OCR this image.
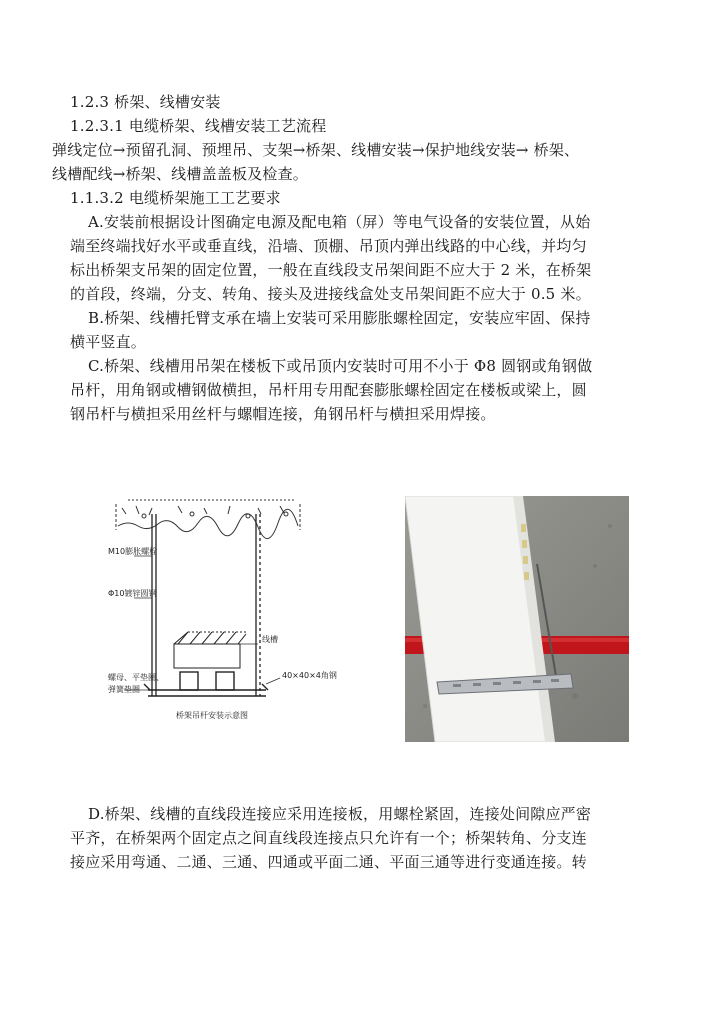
1.2.3 桥架、线槽安装
1.2.3.1 电缆桥架、线槽安装工艺流程
弹线定位→预留孔洞、预埋吊、支架→桥架、线槽安装→保护地线安装→ 桥架、
线槽配线→桥架、线槽盖盖板及检查。
1.1.3.2 电缆桥架施工工艺要求
A.安装前根据设计图确定电源及配电箱（屏）等电气设备的安装位置，从始
端至终端找好水平或垂直线，沿墙、顶棚、吊顶内弹出线路的中心线，并均匀
标出桥架支吊架的固定位置，一般在直线段支吊架间距不应大于 2 米，在桥架
的首段，终端，分支、转角、接头及进接线盒处支吊架间距不应大于 0.5 米。
B.桥架、线槽托臂支承在墙上安装可采用膨胀螺栓固定，安装应牢固、保持
横平竖直。
C.桥架、线槽用吊架在楼板下或吊顶内安装时可用不小于 Φ8 圆钢或角钢做
吊杆，用角钢或槽钢做横担，吊杆用专用配套膨胀螺栓固定在楼板或梁上，圆
钢吊杆与横担采用丝杆与螺帽连接，角钢吊杆与横担采用焊接。
M10膨胀螺栓
Φ10镀锌圆钢
线槽
螺母、平垫圈、
弹簧垫圈
40×40×4角钢
桥架吊杆安装示意图
D.桥架、线槽的直线段连接应采用连接板，用螺栓紧固，连接处间隙应严密
平齐，在桥架两个固定点之间直线段连接点只允许有一个；桥架转角、分支连
接应采用弯通、二通、三通、四通或平面二通、平面三通等进行变通连接。转
